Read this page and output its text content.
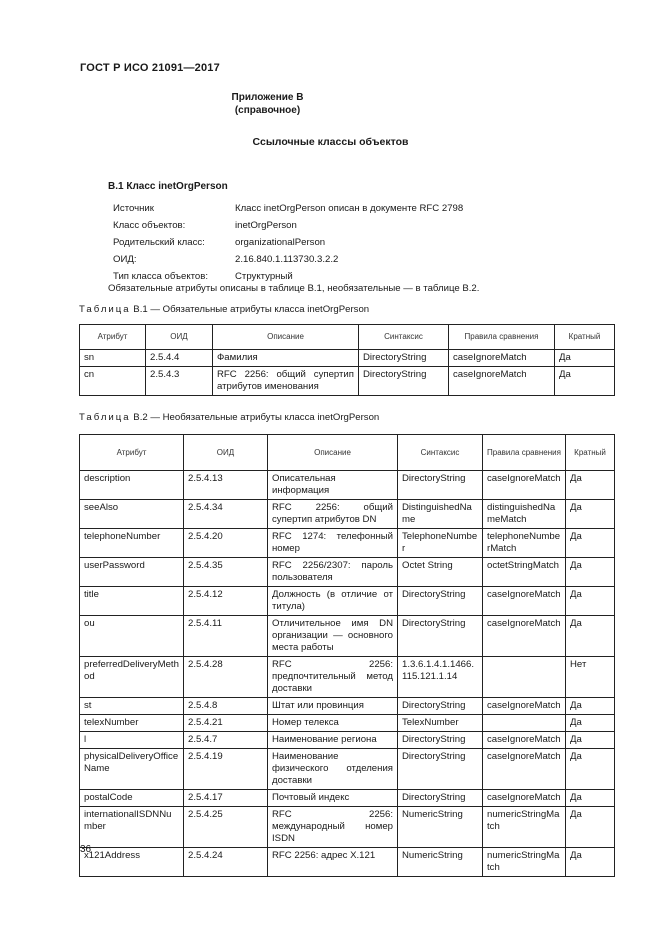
ГОСТ Р ИСО 21091—2017
Приложение В
(справочное)
Ссылочные классы объектов
В.1 Класс inetOrgPerson
Источник	Класс inetOrgPerson описан в документе RFC 2798
Класс объектов:	inetOrgPerson
Родительский класс:	organizationalPerson
ОИД:	2.16.840.1.113730.3.2.2
Тип класса объектов:	Структурный
Обязательные атрибуты описаны в таблице В.1, необязательные — в таблице В.2.
Таблица В.1 — Обязательные атрибуты класса inetOrgPerson
Атрибут	ОИД	Описание	Синтаксис	Правила сравнения	Кратный
sn	2.5.4.4	Фамилия	DirectoryString	caseIgnoreMatch	Да
cn	2.5.4.3	RFC 2256: общий супертип атрибутов именования	DirectoryString	caseIgnoreMatch	Да
Таблица В.2 — Необязательные атрибуты класса inetOrgPerson
Атрибут	ОИД	Описание	Синтаксис	Правила сравнения	Кратный
description	2.5.4.13	Описательная информация	DirectoryString	caseIgnoreMatch	Да
seeAlso	2.5.4.34	RFC 2256: общий супертип атрибутов DN	DistinguishedName	distinguishedNameMatch	Да
telephoneNumber	2.5.4.20	RFC 1274: телефонный номер	TelephoneNumber	telephoneNumberMatch	Да
userPassword	2.5.4.35	RFC 2256/2307: пароль пользователя	Octet String	octetStringMatch	Да
title	2.5.4.12	Должность (в отличие от титула)	DirectoryString	caseIgnoreMatch	Да
ou	2.5.4.11	Отличительное имя DN организации — основного места работы	DirectoryString	caseIgnoreMatch	Да
preferredDeliveryMethod	2.5.4.28	RFC 2256: предпочтительный метод доставки	1.3.6.1.4.1.1466.115.121.1.14		Нет
st	2.5.4.8	Штат или провинция	DirectoryString	caseIgnoreMatch	Да
telexNumber	2.5.4.21	Номер телекса	TelexNumber		Да
l	2.5.4.7	Наименование региона	DirectoryString	caseIgnoreMatch	Да
physicalDeliveryOfficeName	2.5.4.19	Наименование физического отделения доставки	DirectoryString	caseIgnoreMatch	Да
postalCode	2.5.4.17	Почтовый индекс	DirectoryString	caseIgnoreMatch	Да
internationalISDNNumber	2.5.4.25	RFC 2256: международный номер ISDN	NumericString	numericStringMatch	Да
x121Address	2.5.4.24	RFC 2256: адрес X.121	NumericString	numericStringMatch	Да
36
